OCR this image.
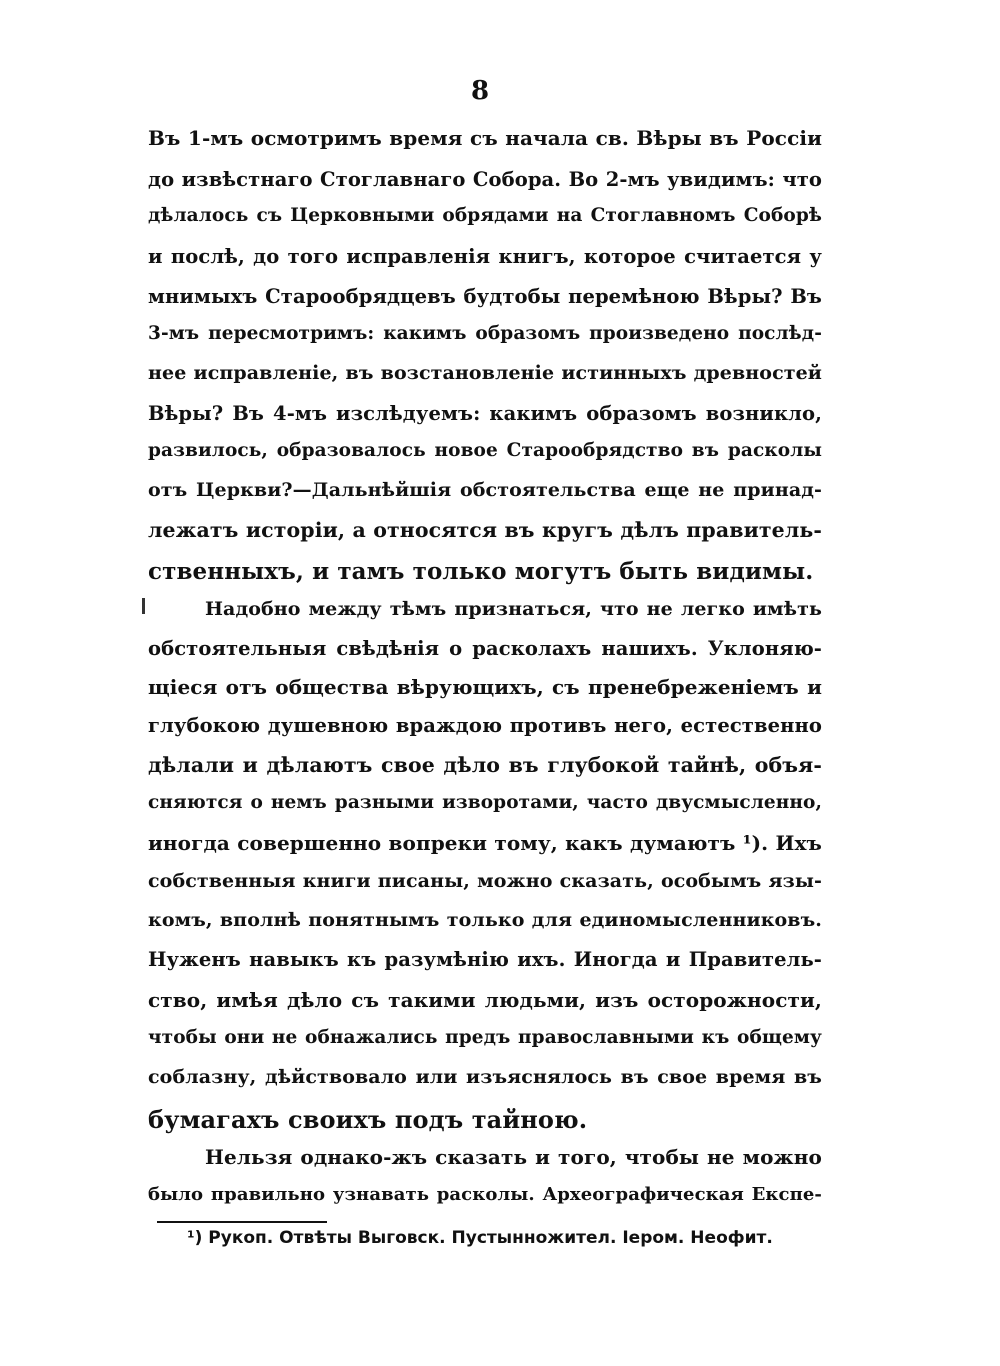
8
Въ 1-мъ осмотримъ время съ начала св. Вѣры въ Россіи
до извѣстнаго Стоглавнаго Собора. Во 2-мъ увидимъ: что
дѣлалось съ Церковными обрядами на Стоглавномъ Соборѣ
и послѣ, до того исправленія книгъ, которое считается у
мнимыхъ Старообрядцевъ будтобы перемѣною Вѣры? Въ
3-мъ пересмотримъ: какимъ образомъ произведено послѣд-
нее исправленіе, въ возстановленіе истинныхъ древностей
Вѣры? Въ 4-мъ изслѣдуемъ: какимъ образомъ возникло,
развилось, образовалось новое Старообрядство въ расколы
отъ Церкви?—Дальнѣйшія обстоятельства еще не принад-
лежатъ исторіи, а относятся въ кругъ дѣлъ правитель-
ственныхъ, и тамъ только могутъ быть видимы.
Надобно между тѣмъ признаться, что не легко имѣть
обстоятельныя свѣдѣнія о расколахъ нашихъ. Уклоняю-
щіеся отъ общества вѣрующихъ, съ пренебреженіемъ и
глубокою душевною враждою противъ него, естественно
дѣлали и дѣлаютъ свое дѣло въ глубокой тайнѣ, объя-
сняются о немъ разными изворотами, часто двусмысленно,
иногда совершенно вопреки тому, какъ думаютъ ¹). Ихъ
собственныя книги писаны, можно сказать, особымъ язы-
комъ, вполнѣ понятнымъ только для единомысленниковъ.
Нуженъ навыкъ къ разумѣнію ихъ. Иногда и Правитель-
ство, имѣя дѣло съ такими людьми, изъ осторожности,
чтобы они не обнажались предъ православными къ общему
соблазну, дѣйствовало или изъяснялось въ свое время въ
бумагахъ своихъ подъ тайною.
Нельзя однако-жъ сказать и того, чтобы не можно
было правильно узнавать расколы. Археографическая Експе-
¹) Рукоп. Отвѣты Выговск. Пустынножител. Іером. Неофит.
